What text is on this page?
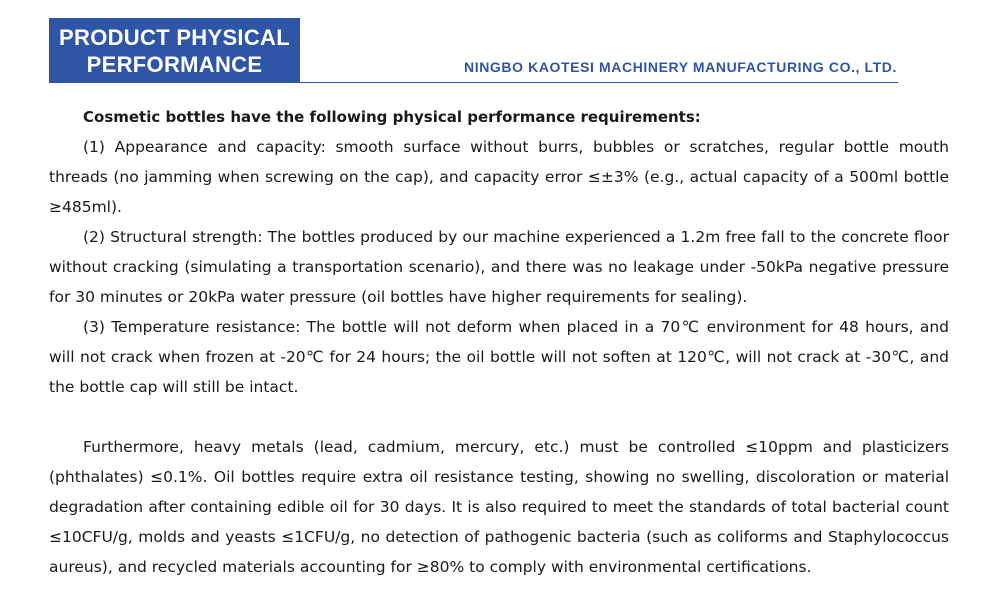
PRODUCT PHYSICAL
PERFORMANCE	NINGBO KAOTESI MACHINERY MANUFACTURING CO., LTD.

Cosmetic bottles have the following physical performance requirements:

(1) Appearance and capacity: smooth surface without burrs, bubbles or scratches, regular bottle mouth threads (no jamming when screwing on the cap), and capacity error ≤±3% (e.g., actual capacity of a 500ml bottle ≥485ml).

(2) Structural strength: The bottles produced by our machine experienced a 1.2m free fall to the concrete floor without cracking (simulating a transportation scenario), and there was no leakage under -50kPa negative pressure for 30 minutes or 20kPa water pressure (oil bottles have higher requirements for sealing).

(3) Temperature resistance: The bottle will not deform when placed in a 70℃ environment for 48 hours, and will not crack when frozen at -20℃ for 24 hours; the oil bottle will not soften at 120℃, will not crack at -30℃, and the bottle cap will still be intact.

Furthermore, heavy metals (lead, cadmium, mercury, etc.) must be controlled ≤10ppm and plasticizers (phthalates) ≤0.1%. Oil bottles require extra oil resistance testing, showing no swelling, discoloration or material degradation after containing edible oil for 30 days. It is also required to meet the standards of total bacterial count ≤10CFU/g, molds and yeasts ≤1CFU/g, no detection of pathogenic bacteria (such as coliforms and Staphylococcus aureus), and recycled materials accounting for ≥80% to comply with environmental certifications.
